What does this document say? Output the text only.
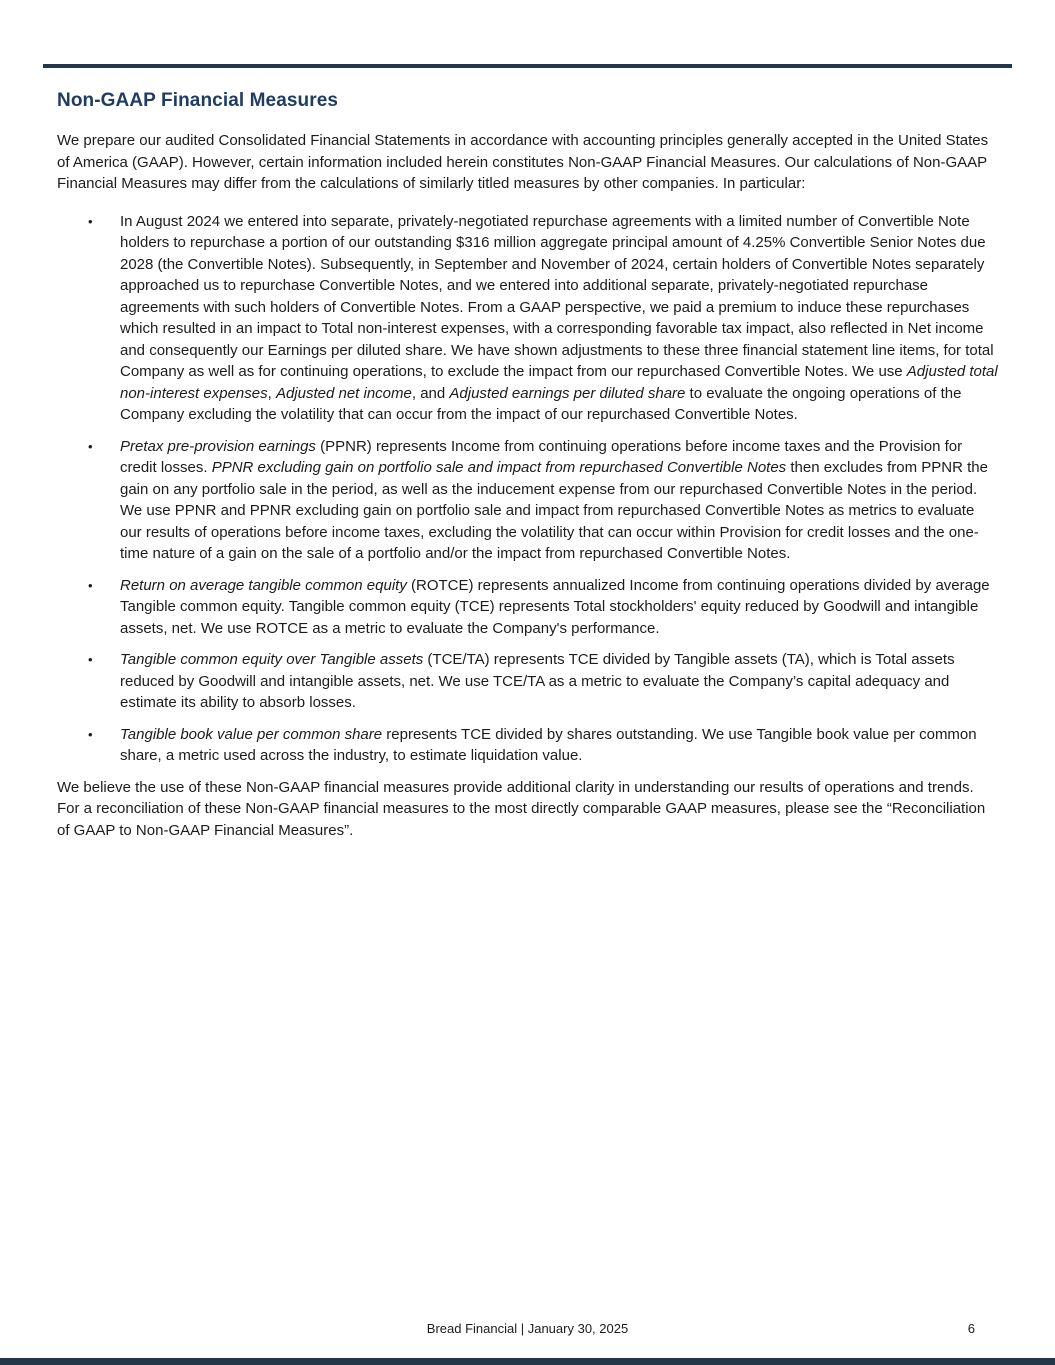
Non-GAAP Financial Measures

We prepare our audited Consolidated Financial Statements in accordance with accounting principles generally accepted in the United States of America (GAAP). However, certain information included herein constitutes Non-GAAP Financial Measures. Our calculations of Non-GAAP Financial Measures may differ from the calculations of similarly titled measures by other companies. In particular:

•	In August 2024 we entered into separate, privately-negotiated repurchase agreements with a limited number of Convertible Note holders to repurchase a portion of our outstanding $316 million aggregate principal amount of 4.25% Convertible Senior Notes due 2028 (the Convertible Notes). Subsequently, in September and November of 2024, certain holders of Convertible Notes separately approached us to repurchase Convertible Notes, and we entered into additional separate, privately-negotiated repurchase agreements with such holders of Convertible Notes. From a GAAP perspective, we paid a premium to induce these repurchases which resulted in an impact to Total non-interest expenses, with a corresponding favorable tax impact, also reflected in Net income and consequently our Earnings per diluted share. We have shown adjustments to these three financial statement line items, for total Company as well as for continuing operations, to exclude the impact from our repurchased Convertible Notes. We use Adjusted total non-interest expenses, Adjusted net income, and Adjusted earnings per diluted share to evaluate the ongoing operations of the Company excluding the volatility that can occur from the impact of our repurchased Convertible Notes.
•	Pretax pre-provision earnings (PPNR) represents Income from continuing operations before income taxes and the Provision for credit losses. PPNR excluding gain on portfolio sale and impact from repurchased Convertible Notes then excludes from PPNR the gain on any portfolio sale in the period, as well as the inducement expense from our repurchased Convertible Notes in the period. We use PPNR and PPNR excluding gain on portfolio sale and impact from repurchased Convertible Notes as metrics to evaluate our results of operations before income taxes, excluding the volatility that can occur within Provision for credit losses and the one-time nature of a gain on the sale of a portfolio and/or the impact from repurchased Convertible Notes.
•	Return on average tangible common equity (ROTCE) represents annualized Income from continuing operations divided by average Tangible common equity. Tangible common equity (TCE) represents Total stockholders' equity reduced by Goodwill and intangible assets, net. We use ROTCE as a metric to evaluate the Company's performance.
•	Tangible common equity over Tangible assets (TCE/TA) represents TCE divided by Tangible assets (TA), which is Total assets reduced by Goodwill and intangible assets, net. We use TCE/TA as a metric to evaluate the Company’s capital adequacy and estimate its ability to absorb losses.
•	Tangible book value per common share represents TCE divided by shares outstanding. We use Tangible book value per common share, a metric used across the industry, to estimate liquidation value.

We believe the use of these Non-GAAP financial measures provide additional clarity in understanding our results of operations and trends. For a reconciliation of these Non-GAAP financial measures to the most directly comparable GAAP measures, please see the “Reconciliation of GAAP to Non-GAAP Financial Measures”.

Bread Financial | January 30, 2025	6
